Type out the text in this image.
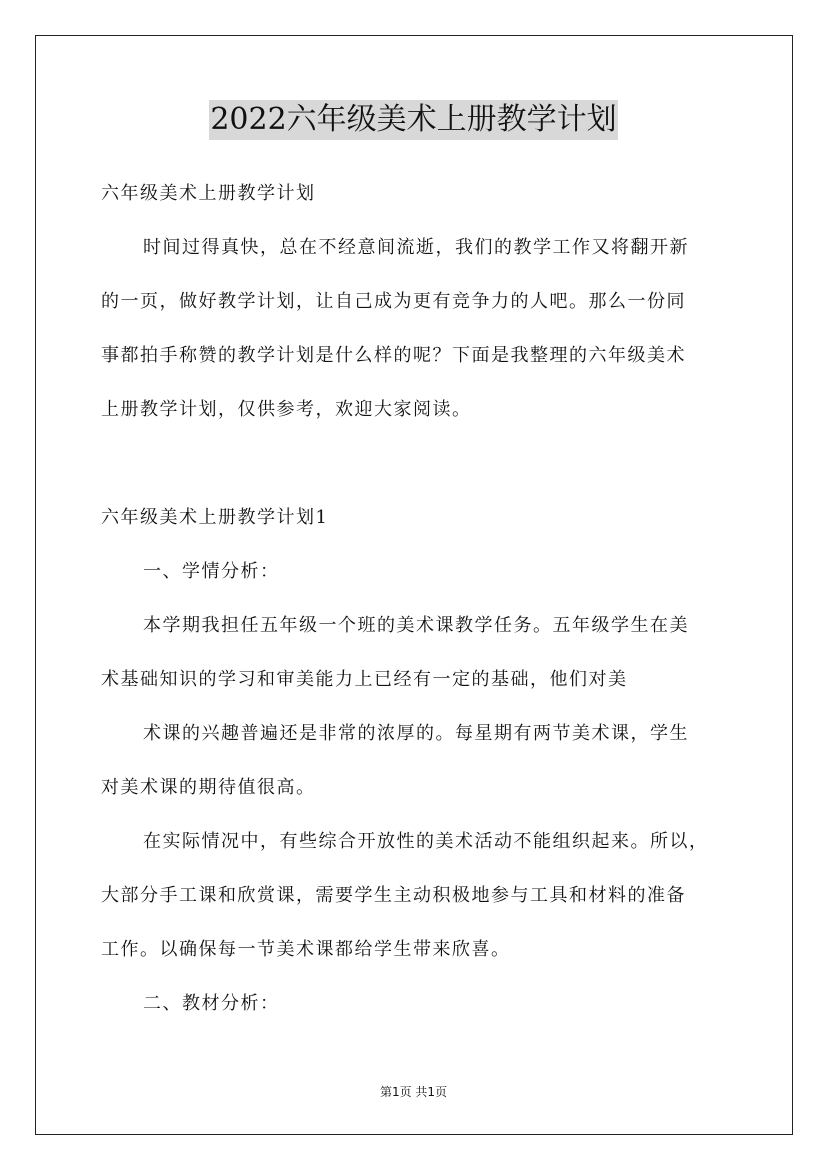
2022六年级美术上册教学计划
六年级美术上册教学计划
时间过得真快，总在不经意间流逝，我们的教学工作又将翻开新
的一页，做好教学计划，让自己成为更有竞争力的人吧。那么一份同
事都拍手称赞的教学计划是什么样的呢？下面是我整理的六年级美术
上册教学计划，仅供参考，欢迎大家阅读。
六年级美术上册教学计划1
一、学情分析：
本学期我担任五年级一个班的美术课教学任务。五年级学生在美
术基础知识的学习和审美能力上已经有一定的基础，他们对美
术课的兴趣普遍还是非常的浓厚的。每星期有两节美术课，学生
对美术课的期待值很高。
在实际情况中，有些综合开放性的美术活动不能组织起来。所以，
大部分手工课和欣赏课，需要学生主动积极地参与工具和材料的准备
工作。以确保每一节美术课都给学生带来欣喜。
二、教材分析：
第1页 共1页
